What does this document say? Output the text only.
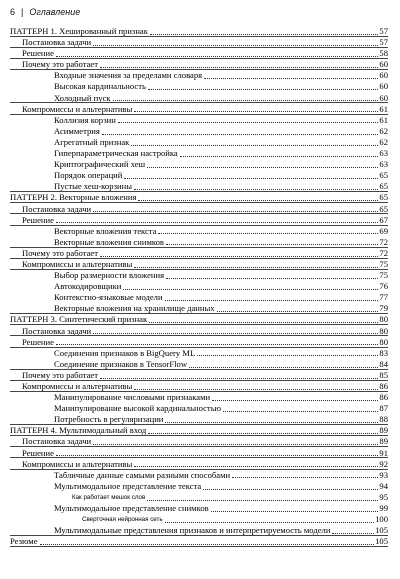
6 | Оглавление
ПАТТЕРН 1. Хешированный признак	57
Постановка задачи	57
Решение	58
Почему это работает	60
Входные значения за пределами словаря	60
Высокая кардинальность	60
Холодный пуск	60
Компромиссы и альтернативы	61
Коллизия корзин	61
Асимметрия	62
Агрегатный признак	62
Гиперпараметрическая настройка	63
Криптографический хеш	63
Порядок операций	65
Пустые хеш-корзины	65
ПАТТЕРН 2. Векторные вложения	65
Постановка задачи	65
Решение	67
Векторные вложения текста	69
Векторные вложения снимков	72
Почему это работает	72
Компромиссы и альтернативы	75
Выбор размерности вложения	75
Автокодировщики	76
Контекстно-языковые модели	77
Векторные вложения на хранилище данных	79
ПАТТЕРН 3. Синтетический признак	80
Постановка задачи	80
Решение	80
Соединения признаков в BigQuery ML	83
Соединение признаков в TensorFlow	84
Почему это работает	85
Компромиссы и альтернативы	86
Манипулирование числовыми признаками	86
Манипулирование высокой кардинальностью	87
Потребность в регуляризации	88
ПАТТЕРН 4. Мультимодальный вход	89
Постановка задачи	89
Решение	91
Компромиссы и альтернативы	92
Табличные данные самыми разными способами	93
Мультимодальное представление текста	94
Как работает мешок слов	95
Мультимодальное представление снимков	99
Сверточная нейронная сеть	100
Мультимодальные представления признаков и интерпретируемость модели	105
Резюме	105
